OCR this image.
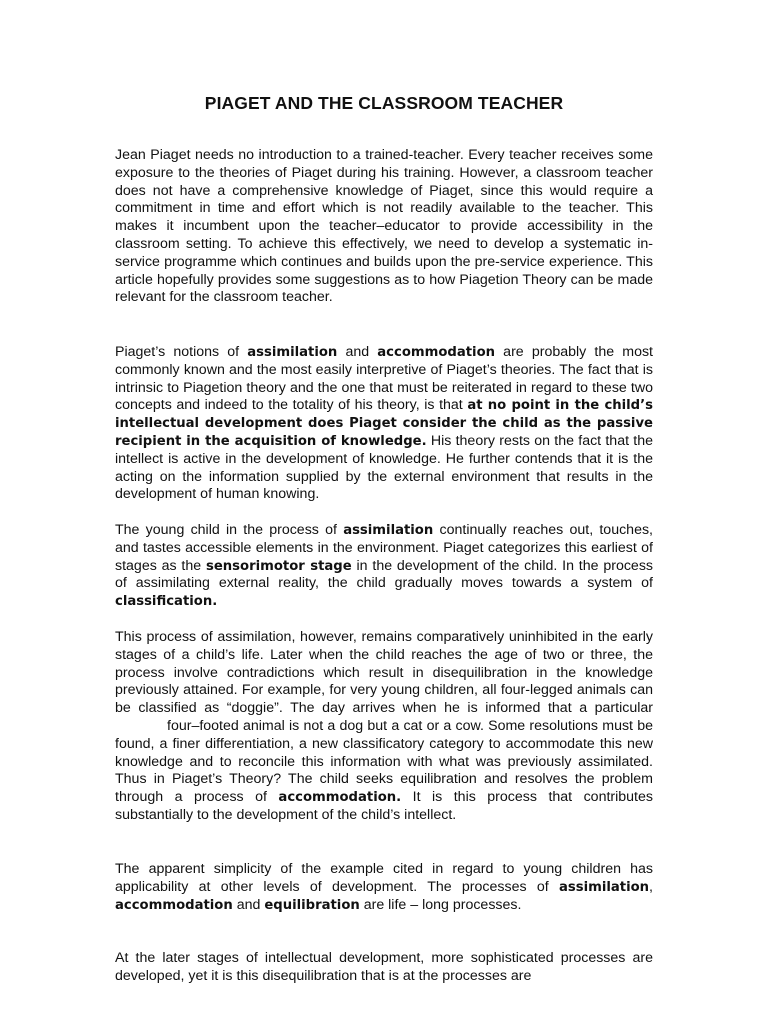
PIAGET AND THE CLASSROOM TEACHER

Jean Piaget needs no introduction to a trained-teacher. Every teacher receives some exposure to the theories of Piaget during his training. However, a classroom teacher does not have a comprehensive knowledge of Piaget, since this would require a commitment in time and effort which is not readily available to the teacher. This makes it incumbent upon the teacher–educator to provide accessibility in the classroom setting. To achieve this effectively, we need to develop a systematic in-service programme which continues and builds upon the pre-service experience. This article hopefully provides some suggestions as to how Piagetion Theory can be made relevant for the classroom teacher.

Piaget’s notions of assimilation and accommodation are probably the most commonly known and the most easily interpretive of Piaget’s theories. The fact that is intrinsic to Piagetion theory and the one that must be reiterated in regard to these two concepts and indeed to the totality of his theory, is that at no point in the child’s intellectual development does Piaget consider the child as the passive recipient in the acquisition of knowledge. His theory rests on the fact that the intellect is active in the development of knowledge. He further contends that it is the acting on the information supplied by the external environment that results in the development of human knowing.

The young child in the process of assimilation continually reaches out, touches, and tastes accessible elements in the environment. Piaget categorizes this earliest of stages as the sensorimotor stage in the development of the child. In the process of assimilating external reality, the child gradually moves towards a system of classification.

This process of assimilation, however, remains comparatively uninhibited in the early stages of a child’s life. Later when the child reaches the age of two or three, the process involve contradictions which result in disequilibration in the knowledge previously attained. For example, for very young children, all four-legged animals can be classified as “doggie”. The day arrives when he is informed that a particularfour–footed animal is not a dog but a cat or a cow. Some resolutions must be found, a finer differentiation, a new classificatory category to accommodate this new knowledge and to reconcile this information with what was previously assimilated. Thus in Piaget’s Theory? The child seeks equilibration and resolves the problem through a process of accommodation. It is this process that contributes substantially to the development of the child’s intellect.

The apparent simplicity of the example cited in regard to young children has applicability at other levels of development. The processes of assimilation, accommodation and equilibration are life – long processes.

At the later stages of intellectual development, more sophisticated processes are developed, yet it is this disequilibration that is at the processes are
